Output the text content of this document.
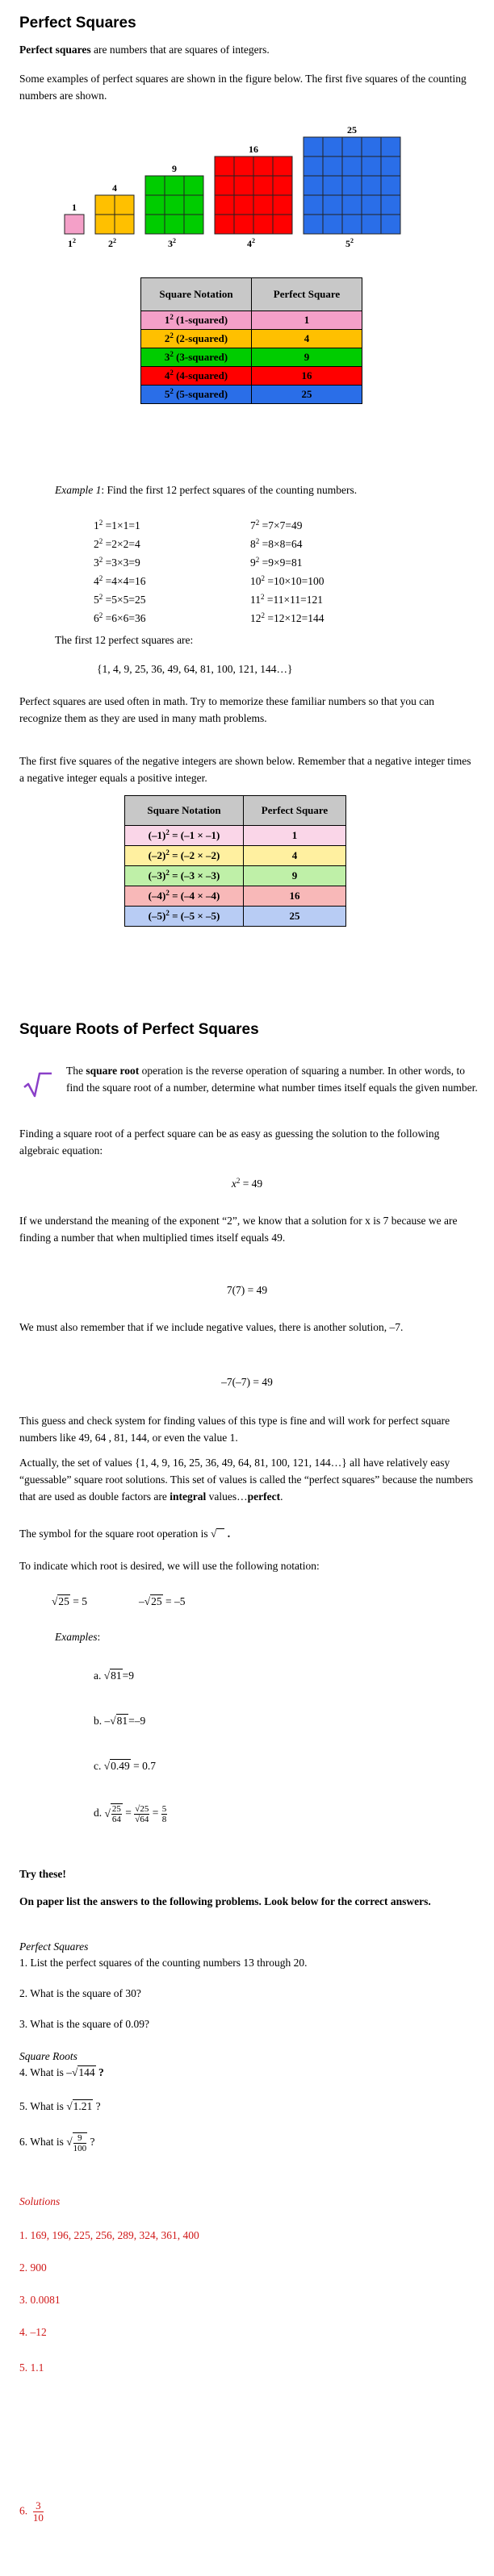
Perfect Squares

Perfect squares are numbers that are squares of integers.

Some examples of perfect squares are shown in the figure below. The first five squares of the counting numbers are shown.

1
$1^2$
4
$2^2$
9
$3^2$
16
$4^2$
25
$5^2$
Square Notation	Perfect Square
$1^2$ (1-squared)	1
$2^2$ (2-squared)	4
$3^2$ (3-squared)	9
$4^2$ (4-squared)	16
$5^2$ (5-squared)	25

Example 1: Find the first 12 perfect squares of the counting numbers.

$1^2 =1\times 1=1$
$2^2 =2\times 2=4$
$3^2 =3\times 3=9$
$4^2 =4\times 4=16$
$5^2 =5\times 5=25$
$6^2 =6\times 6=36$
$7^2 =7\times 7=49$
$8^2 =8\times 8=64$
$9^2 =9\times 9=81$
$10^2 =10\times 10=100$
$11^2 =11\times 11=121$
$12^2 =12\times 12=144$

The first 12 perfect squares are:

{1, 4, 9, 25, 36, 49, 64, 81, 100, 121, 144…}

Perfect squares are used often in math. Try to memorize these familiar numbers so that you can recognize them as they are used in many math problems.

The first five squares of the negative integers are shown below. Remember that a negative integer times a negative integer equals a positive integer.

Square Notation	Perfect Square
$(-1)^2 = (-1 \times -1)$	1
$(-2)^2 = (-2 \times -2)$	4
$(-3)^2 = (-3 \times -3)$	9
$(-4)^2 = (-4 \times -4)$	16
$(-5)^2 = (-5 \times -5)$	25
Square Roots of Perfect Squares

The square root operation is the reverse operation of squaring a number. In other words, to find the square root of a number, determine what number times itself equals the given number.

Finding a square root of a perfect square can be as easy as guessing the solution to the following algebraic equation:

$x^2 = 49$

If we understand the meaning of the exponent “2”, we know that a solution for x is 7 because we are finding a number that when multiplied times itself equals 49.

7(7) = 49

We must also remember that if we include negative values, there is another solution, –7.

–7(–7) = 49

This guess and check system for finding values of this type is fine and will work for perfect square numbers like 49, 64 , 81, 144, or even the value 1.

Actually, the set of values {1, 4, 9, 16, 25, 36, 49, 64, 81, 100, 121, 144…} all have relatively easy “guessable” square root solutions. This set of values is called the “perfect squares” because the numbers that are used as double factors are integral values…perfect.

The symbol for the square root operation is √ .

To indicate which root is desired, we will use the following notation:

√25 = 5	–√25 = –5

Examples:

a. √81=9

b. –√81=–9

c. √0.49 = 0.7

d. √ $\frac{25}{64} = \frac{√25}{√64} = \frac{5}{8}$

Try these!

On paper list the answers to the following problems. Look below for the correct answers.

Perfect Squares

1. List the perfect squares of the counting numbers 13 through 20.

2. What is the square of 30?

3. What is the square of 0.09?

Square Roots

4. What is –√144 ?

5. What is √1.21 ?

6. What is √ $\frac{9}{100}$ ?

Solutions

1. 169, 196, 225, 256, 289, 324, 361, 400

2. 900

3. 0.0081

4. –12

5. 1.1

6. $\frac{3}{10}$
